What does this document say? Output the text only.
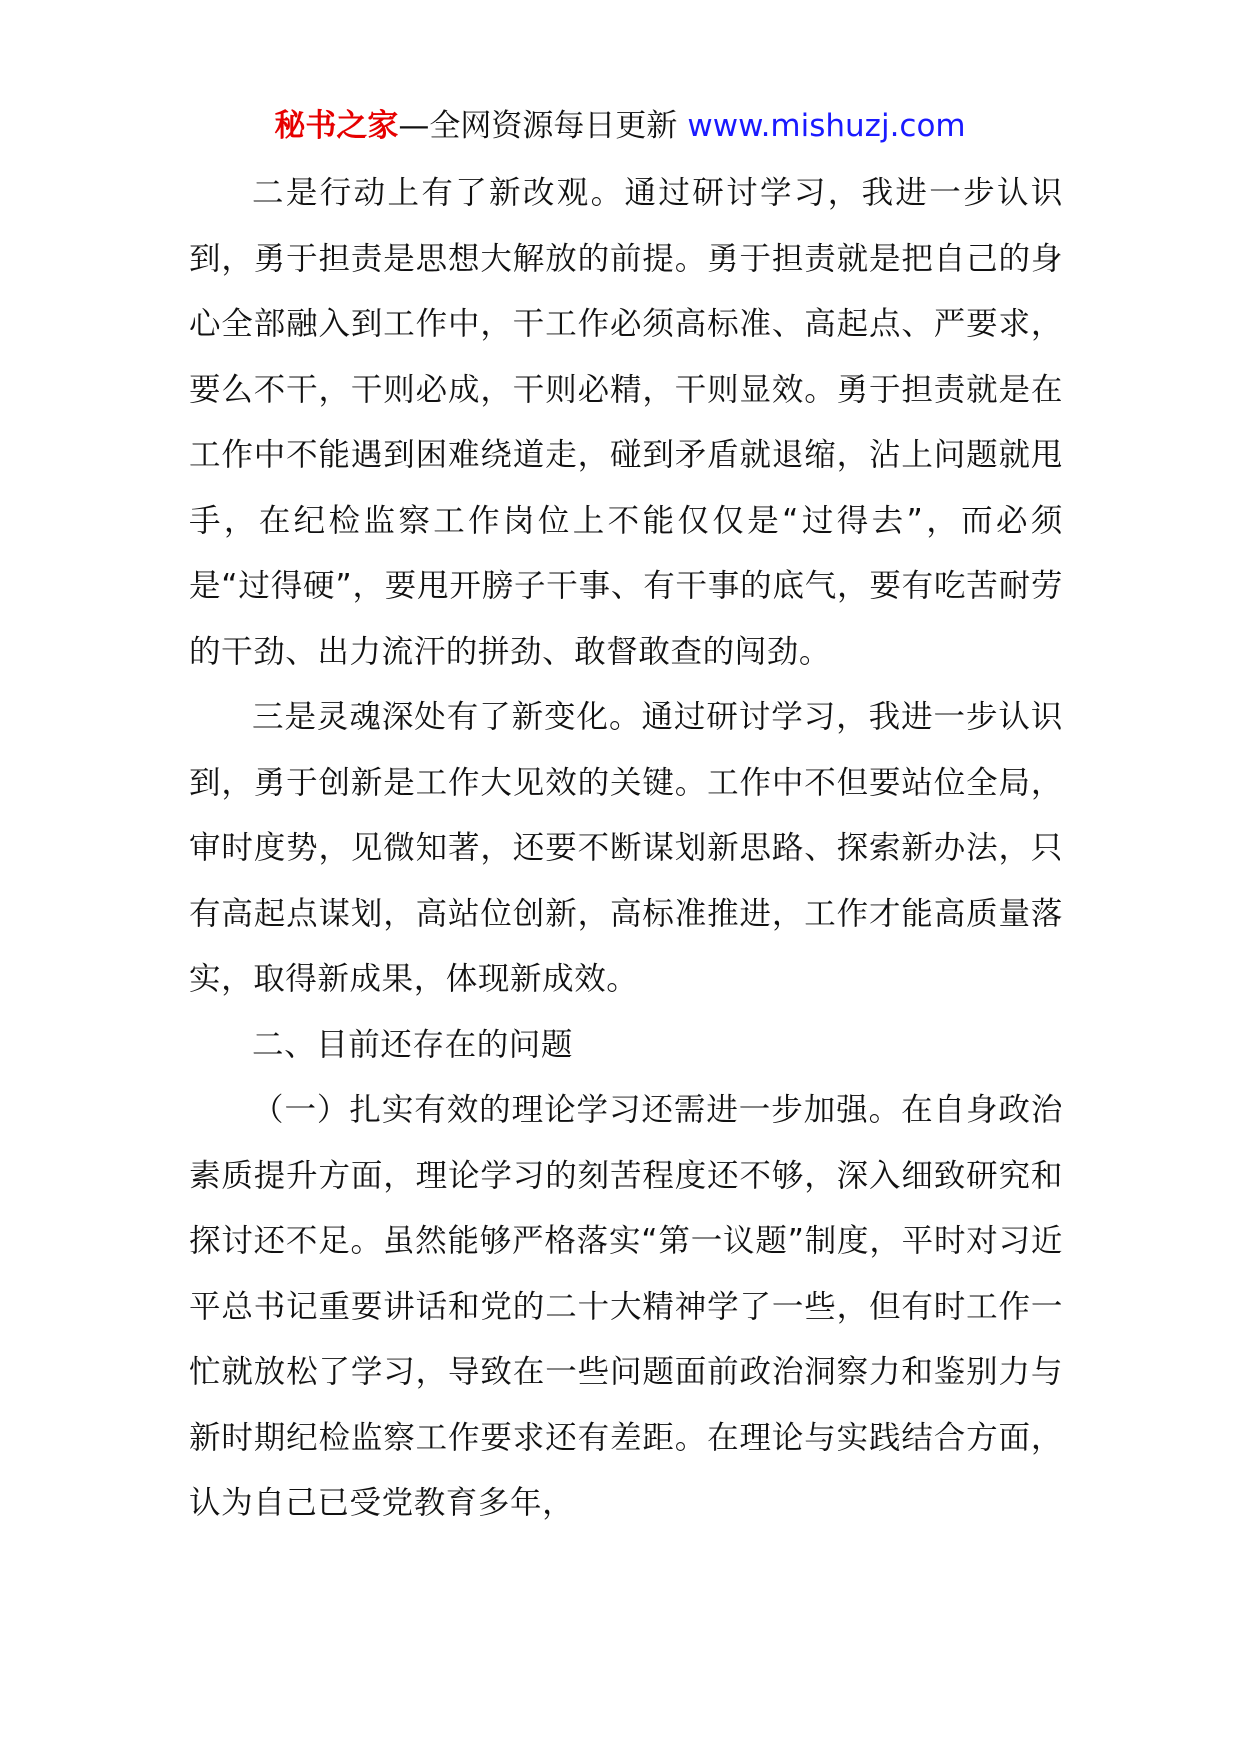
秘书之家—全网资源每日更新 www.mishuzj.com

二是行动上有了新改观。通过研讨学习，我进一步认识到，勇于担责是思想大解放的前提。勇于担责就是把自己的身心全部融入到工作中，干工作必须高标准、高起点、严要求，要么不干，干则必成，干则必精，干则显效。勇于担责就是在工作中不能遇到困难绕道走，碰到矛盾就退缩，沾上问题就甩手，在纪检监察工作岗位上不能仅仅是“过得去”，而必须是“过得硬”，要甩开膀子干事、有干事的底气，要有吃苦耐劳的干劲、出力流汗的拼劲、敢督敢查的闯劲。

三是灵魂深处有了新变化。通过研讨学习，我进一步认识到，勇于创新是工作大见效的关键。工作中不但要站位全局，审时度势，见微知著，还要不断谋划新思路、探索新办法，只有高起点谋划，高站位创新，高标准推进，工作才能高质量落实，取得新成果，体现新成效。

二、目前还存在的问题

（一）扎实有效的理论学习还需进一步加强。在自身政治素质提升方面，理论学习的刻苦程度还不够，深入细致研究和探讨还不足。虽然能够严格落实“第一议题”制度，平时对习近平总书记重要讲话和党的二十大精神学了一些，但有时工作一忙就放松了学习，导致在一些问题面前政治洞察力和鉴别力与新时期纪检监察工作要求还有差距。在理论与实践结合方面，认为自己已受党教育多年，
